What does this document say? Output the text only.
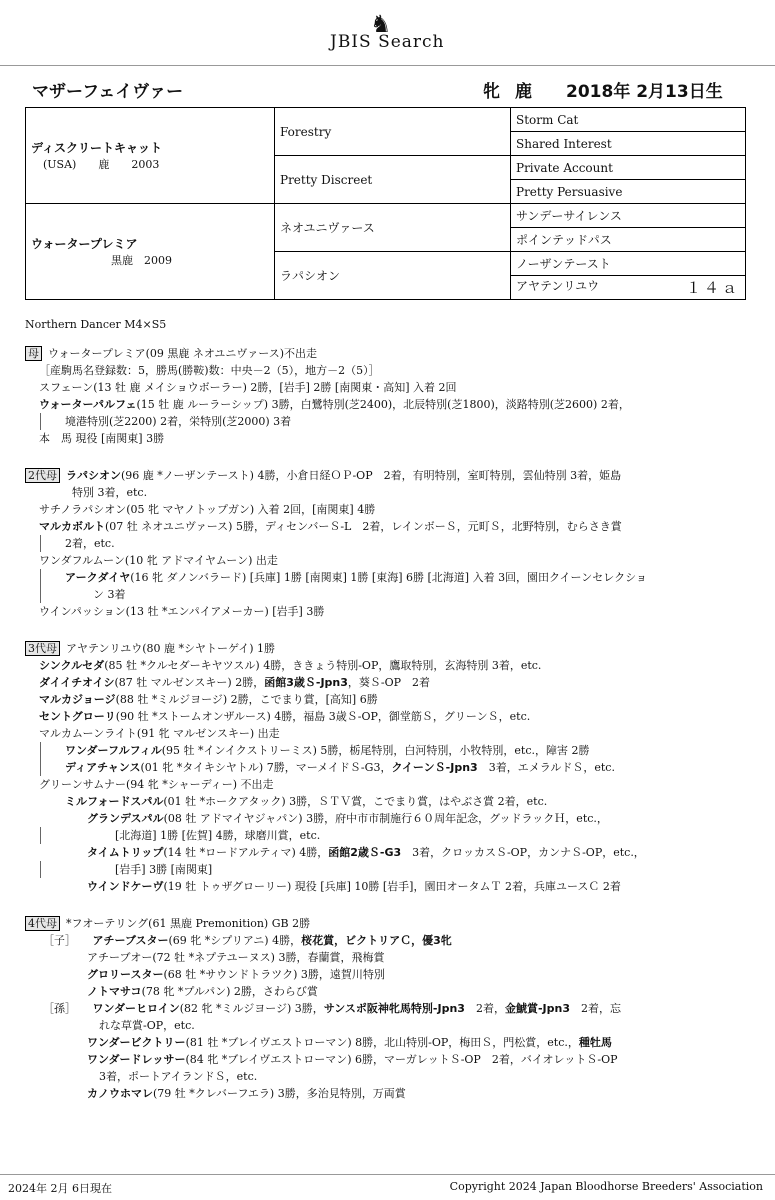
♞
JBIS Search
マザーフェイヴァー	牝 鹿 2018年 2月13日生
ディスクリートキャット
(USA)　　鹿　　2003	Forestry	Storm Cat
		Shared Interest
	Pretty Discreet	Private Account
		Pretty Persuasive

ウォータープレミア
黒鹿　2009	ネオユニヴァース	サンデーサイレンス
		ポインテッドパス
	ラパシオン	ノーザンテースト
		アヤテンリユウ １４ａ
Northern Dancer M4×S5
母 ウォータープレミア(09 黒鹿 ネオユニヴァース)不出走
［産駒馬名登録数：5，勝馬(勝鞍)数：中央－2（5），地方－2（5）］
スフェーン(13 牡 鹿 メイショウボーラー) 2勝，[岩手] 2勝 [南関東・高知] 入着 2回
ウォーターパルフェ(15 牡 鹿 ルーラーシップ) 3勝，白鷺特別(芝2400)，北辰特別(芝1800)，淡路特別(芝2600) 2着，
境港特別(芝2200) 2着，栄特別(芝2000) 3着
本　馬 現役 [南関東] 3勝
2代母 ラパシオン(96 鹿 *ノーザンテースト) 4勝，小倉日経ＯＰ-OP　2着，有明特別，室町特別，雲仙特別 3着，姫島
特別 3着，etc.
サチノラパシオン(05 牝 マヤノトップガン) 入着 2回，[南関東] 4勝
マルカボルト(07 牡 ネオユニヴァース) 5勝，ディセンバーＳ-L　2着，レインボーＳ，元町Ｓ，北野特別，むらさき賞
2着，etc.
ワンダフルムーン(10 牝 アドマイヤムーン) 出走
アークダイヤ(16 牝 ダノンバラード) [兵庫] 1勝 [南関東] 1勝 [東海] 6勝 [北海道] 入着 3回，園田クイーンセレクショ
ン 3着
ウインパッション(13 牡 *エンパイアメーカー) [岩手] 3勝
3代母 アヤテンリユウ(80 鹿 *シヤトーゲイ) 1勝
シンクルセダ(85 牡 *クルセダーキヤツスル) 4勝，ききょう特別-OP，鷹取特別，玄海特別 3着，etc.
ダイイチオイシ(87 牡 マルゼンスキー) 2勝，函館3歳Ｓ-Jpn3，葵Ｓ-OP　2着
マルカジョージ(88 牡 *ミルジヨージ) 2勝，こでまり賞，[高知] 6勝
セントグローリ(90 牡 *ストームオンザルース) 4勝，福島 3歳Ｓ-OP，御堂筋Ｓ，グリーンＳ，etc.
マルカムーンライト(91 牝 マルゼンスキー) 出走
ワンダーフルフィル(95 牡 *インイクストリーミス) 5勝，栃尾特別，白河特別，小牧特別，etc.，障害 2勝
ディアチャンス(01 牝 *タイキシヤトル) 7勝，マーメイドＳ-G3，クイーンＳ-Jpn3　3着，エメラルドＳ，etc.
グリーンサムナー(94 牝 *シャーディー) 不出走
ミルフォードスパル(01 牡 *ホークアタック) 3勝，ＳＴＶ賞，こでまり賞，はやぶさ賞 2着，etc.
グランデスパル(08 牡 アドマイヤジャパン) 3勝，府中市市制施行６０周年記念，グッドラックＨ，etc.，
[北海道] 1勝 [佐賀] 4勝，球磨川賞，etc.
タイムトリップ(14 牡 *ロードアルティマ) 4勝，函館2歳Ｓ-G3　3着，クロッカスＳ-OP，カンナＳ-OP，etc.，
[岩手] 3勝 [南関東]
ウインドケーヴ(19 牡 トゥザグローリー) 現役 [兵庫] 10勝 [岩手]，園田オータムＴ 2着，兵庫ユースＣ 2着
4代母 *フオーテリング(61 黒鹿 Premonition) GB 2勝
［子］　　アチーブスター(69 牝 *シプリアニ) 4勝，桜花賞，ビクトリアＣ，優3牝
アチーブオー(72 牡 *ネプテユーヌス) 3勝，春蘭賞，飛梅賞
グロリースター(68 牡 *サウンドトラツク) 3勝，遠賀川特別
ノトマサコ(78 牝 *プルパン) 2勝，さわらび賞
［孫］　　ワンダーヒロイン(82 牝 *ミルジヨージ) 3勝，サンスポ阪神牝馬特別-Jpn3　2着，金鯱賞-Jpn3　2着，忘
れな草賞-OP，etc.
ワンダービクトリー(81 牡 *ブレイヴエストローマン) 8勝，北山特別-OP，梅田Ｓ，門松賞，etc.，種牡馬
ワンダードレッサー(84 牝 *ブレイヴエストローマン) 6勝，マーガレットＳ-OP　2着，バイオレットＳ-OP
3着，ポートアイランドＳ，etc.
カノウホマレ(79 牡 *クレバーフエラ) 3勝，多治見特別，万両賞
2024年 2月 6日現在	Copyright 2024 Japan Bloodhorse Breeders' Association
